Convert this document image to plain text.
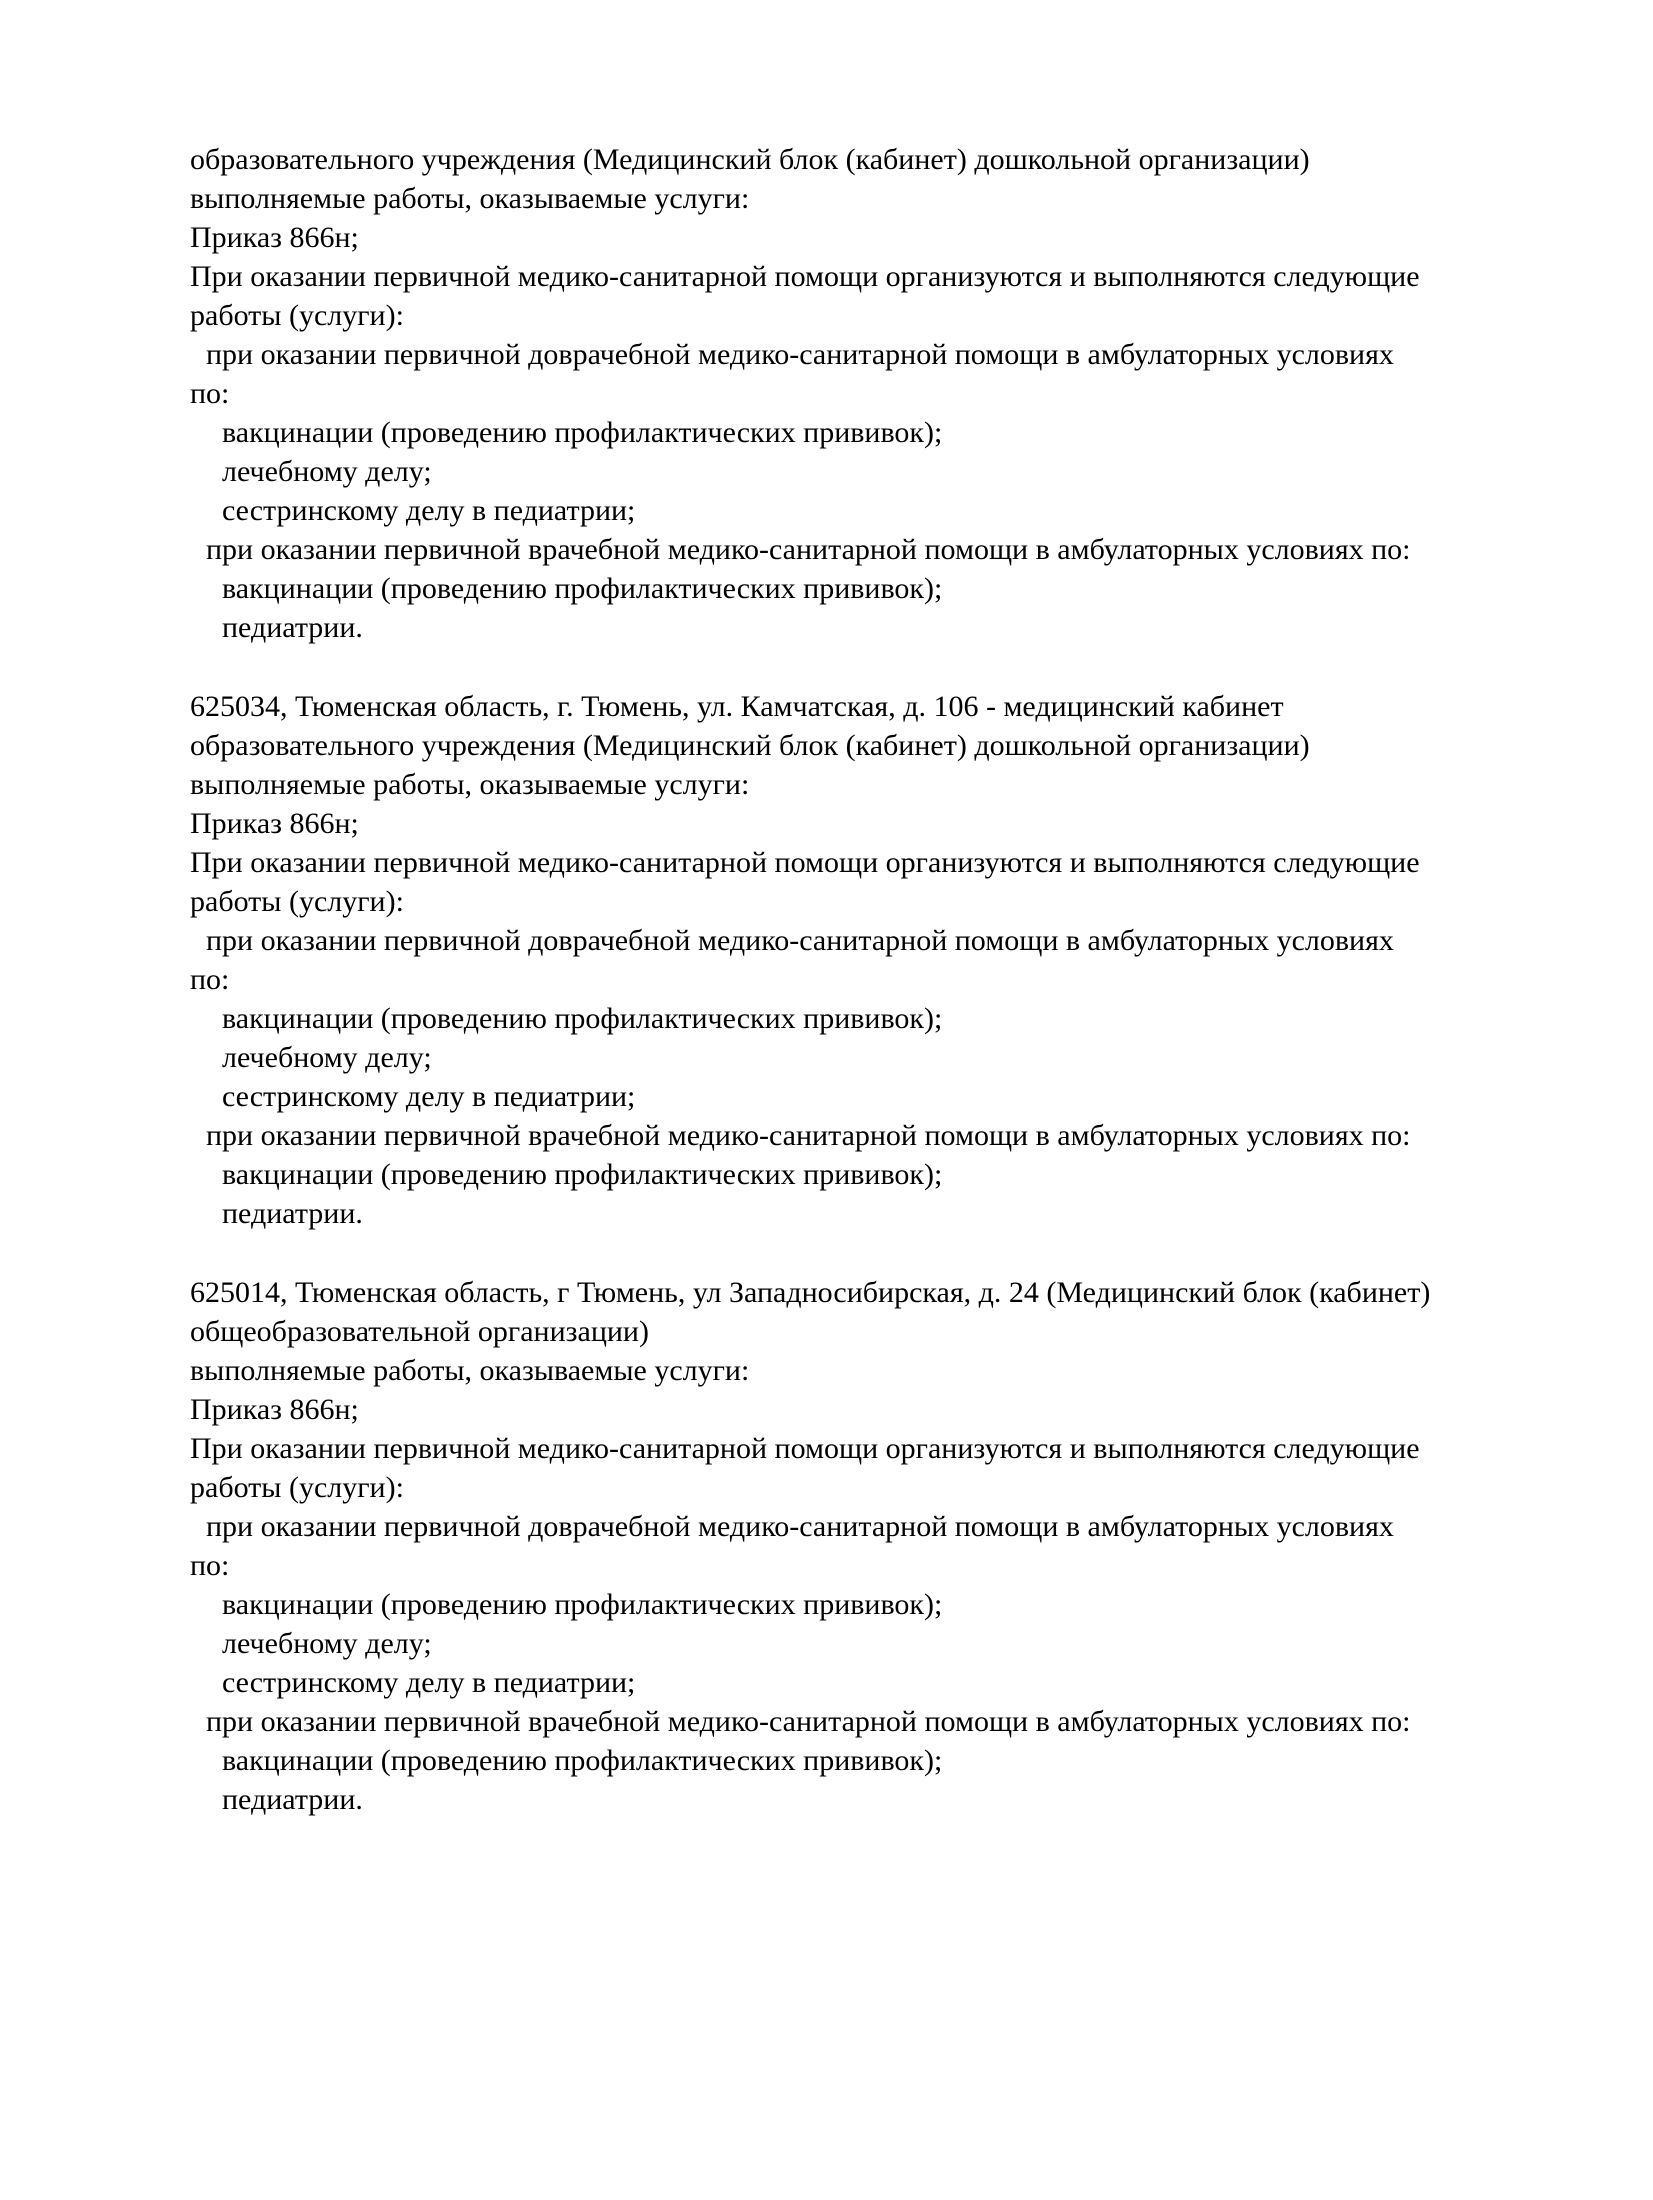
образовательного учреждения (Медицинский блок (кабинет) дошкольной организации)
выполняемые работы, оказываемые услуги:
Приказ 866н;
При оказании первичной медико-санитарной помощи организуются и выполняются следующие
работы (услуги):
при оказании первичной доврачебной медико-санитарной помощи в амбулаторных условиях
по:
вакцинации (проведению профилактических прививок);
лечебному делу;
сестринскому делу в педиатрии;
при оказании первичной врачебной медико-санитарной помощи в амбулаторных условиях по:
вакцинации (проведению профилактических прививок);
педиатрии.
625034, Тюменская область, г. Тюмень, ул. Камчатская, д. 106 - медицинский кабинет
образовательного учреждения (Медицинский блок (кабинет) дошкольной организации)
выполняемые работы, оказываемые услуги:
Приказ 866н;
При оказании первичной медико-санитарной помощи организуются и выполняются следующие
работы (услуги):
при оказании первичной доврачебной медико-санитарной помощи в амбулаторных условиях
по:
вакцинации (проведению профилактических прививок);
лечебному делу;
сестринскому делу в педиатрии;
при оказании первичной врачебной медико-санитарной помощи в амбулаторных условиях по:
вакцинации (проведению профилактических прививок);
педиатрии.
625014, Тюменская область, г Тюмень, ул Западносибирская, д. 24 (Медицинский блок (кабинет)
общеобразовательной организации)
выполняемые работы, оказываемые услуги:
Приказ 866н;
При оказании первичной медико-санитарной помощи организуются и выполняются следующие
работы (услуги):
при оказании первичной доврачебной медико-санитарной помощи в амбулаторных условиях
по:
вакцинации (проведению профилактических прививок);
лечебному делу;
сестринскому делу в педиатрии;
при оказании первичной врачебной медико-санитарной помощи в амбулаторных условиях по:
вакцинации (проведению профилактических прививок);
педиатрии.
